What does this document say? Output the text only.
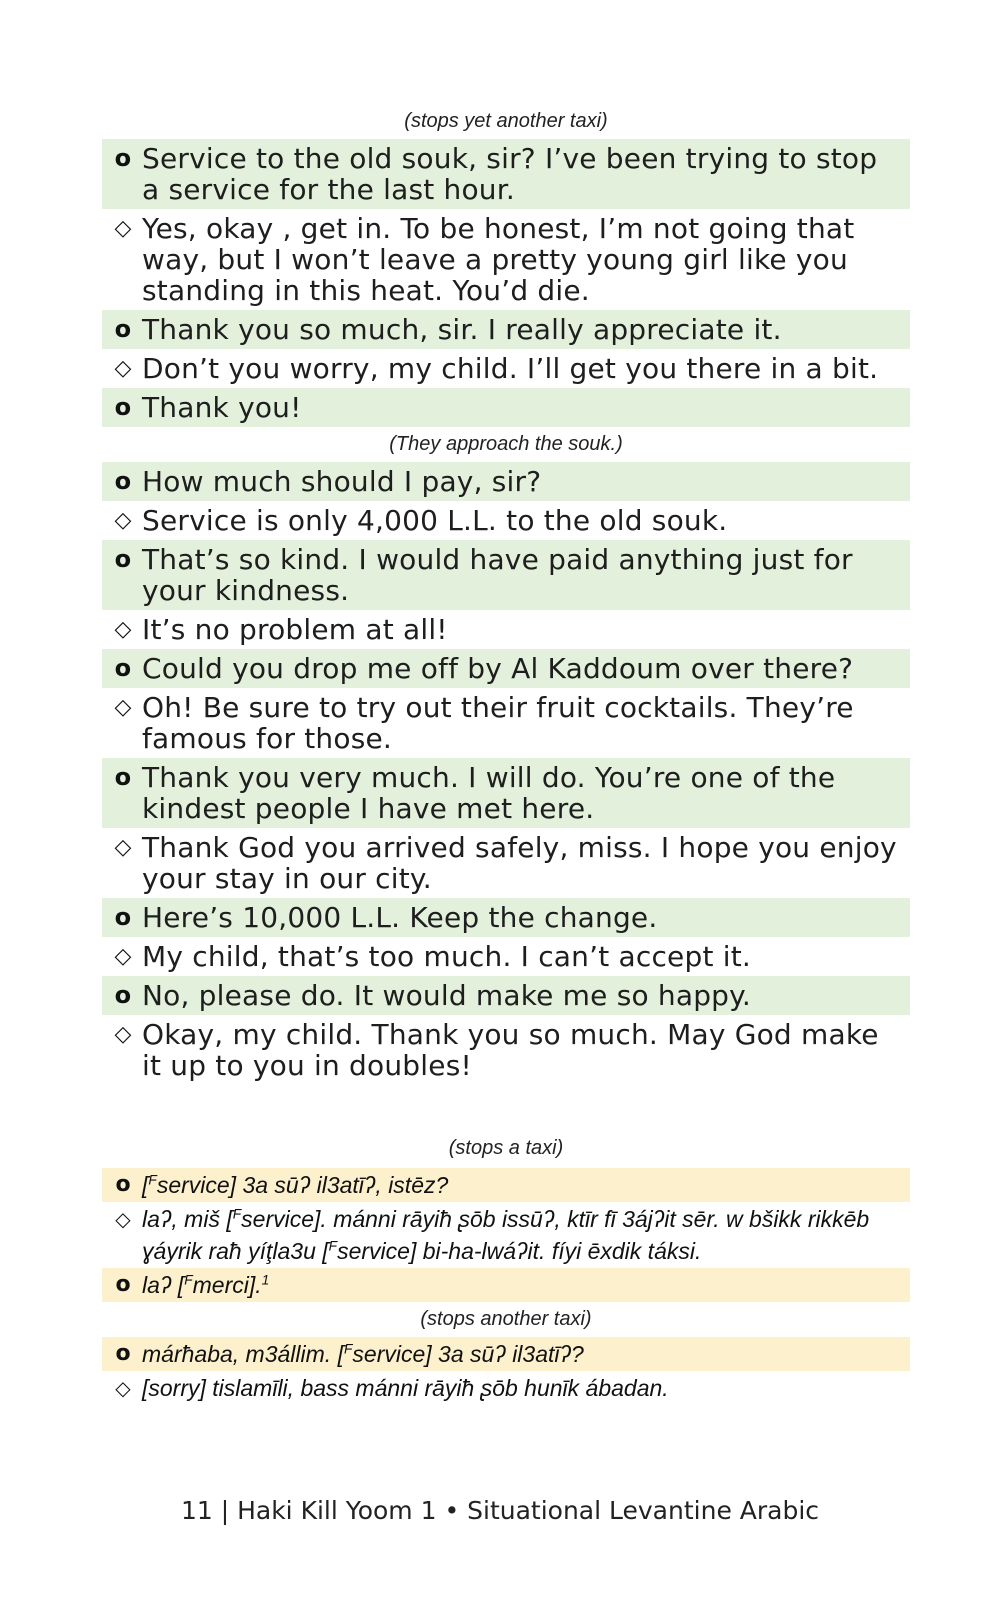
(stops yet another taxi)
o Service to the old souk, sir? I’ve been trying to stop a service for the last hour.
◇ Yes, okay , get in. To be honest, I’m not going that way, but I won’t leave a pretty young girl like you standing in this heat. You’d die.
o Thank you so much, sir. I really appreciate it.
◇ Don’t you worry, my child. I’ll get you there in a bit.
o Thank you!
(They approach the souk.)
o How much should I pay, sir?
◇ Service is only 4,000 L.L. to the old souk.
o That’s so kind. I would have paid anything just for your kindness.
◇ It’s no problem at all!
o Could you drop me off by Al Kaddoum over there?
◇ Oh! Be sure to try out their fruit cocktails. They’re famous for those.
o Thank you very much. I will do. You’re one of the kindest people I have met here.
◇ Thank God you arrived safely, miss. I hope you enjoy your stay in our city.
o Here’s 10,000 L.L. Keep the change.
◇ My child, that’s too much. I can’t accept it.
o No, please do. It would make me so happy.
◇ Okay, my child. Thank you so much. May God make it up to you in doubles!
(stops a taxi)
o [$^F$service] 3a sūʔ il3atīʔ, istēz?
◇ laʔ, miš [$^F$service]. mánni rāyiħ ʂōb issūʔ, ktīr fī 3ájʔit sēr. w bšikk rikkēb ɣáyrik raħ yíţla3u [$^F$service] bi-ha-lwáʔit. fíyi ēxdik táksi.
o laʔ [$^F$merci].$^1$
(stops another taxi)
o márħaba, m3állim. [$^F$service] 3a sūʔ il3atīʔ?
◇ [sorry] tislamīli, bass mánni rāyiħ ʂōb hunīk ábadan.
11 | Haki Kill Yoom 1 • Situational Levantine Arabic
